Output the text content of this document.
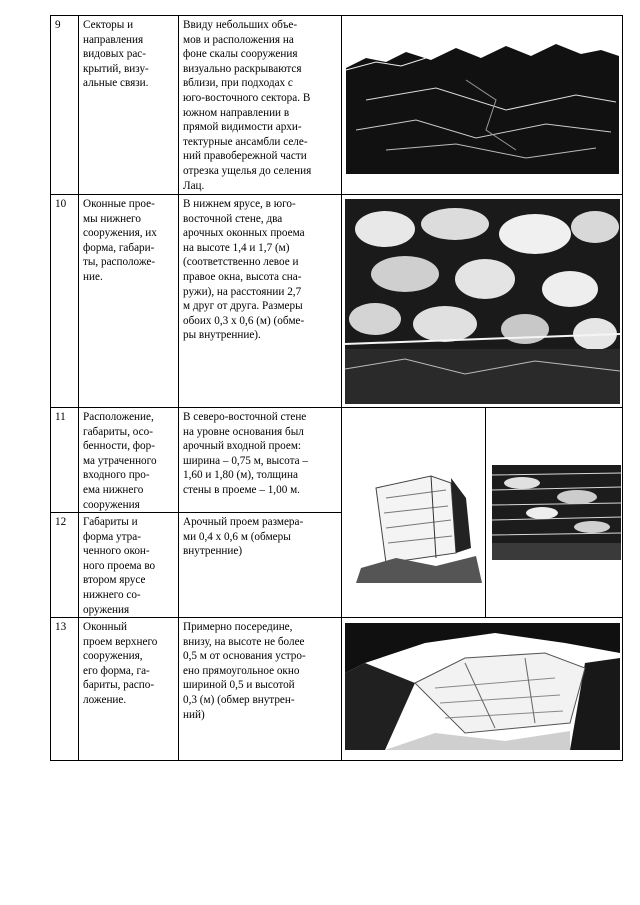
9 Секторы и
направления
видовых рас-
крытий, визу-
альные связи.
Ввиду небольших объе-
мов и расположения на
фоне скалы сооружения
визуально раскрываются
вблизи, при подходах с
юго-восточного сектора. В
южном направлении в
прямой видимости архи-
тектурные ансамбли селе-
ний правобережной части
отрезка ущелья до селения
Лац.
10 Оконные прое-
мы нижнего
сооружения, их
форма, габари-
ты, расположе-
ние.
В нижнем ярусе, в юго-
восточной стене, два
арочных оконных проема
на высоте 1,4 и 1,7 (м)
(соответственно левое и
правое окна, высота сна-
ружи), на расстоянии 2,7
м друг от друга. Размеры
обоих 0,3 х 0,6 (м) (обме-
ры внутренние).
11 Расположение,
габариты, осо-
бенности, фор-
ма утраченного
входного про-
ема нижнего
сооружения
В северо-восточной стене
на уровне основания был
арочный входной проем:
ширина – 0,75 м, высота –
1,60 и 1,80 (м), толщина
стены в проеме – 1,00 м.
12 Габариты и
форма утра-
ченного окон-
ного проема во
втором ярусе
нижнего со-
оружения
Арочный проем размера-
ми 0,4 х 0,6 м (обмеры
внутренние)
13 Оконный
проем верхнего
сооружения,
его форма, га-
бариты, распо-
ложение.
Примерно посередине,
внизу, на высоте не более
0,5 м от основания устро-
ено прямоугольное окно
шириной 0,5 и высотой
0,3 (м) (обмер внутрен-
ний)
